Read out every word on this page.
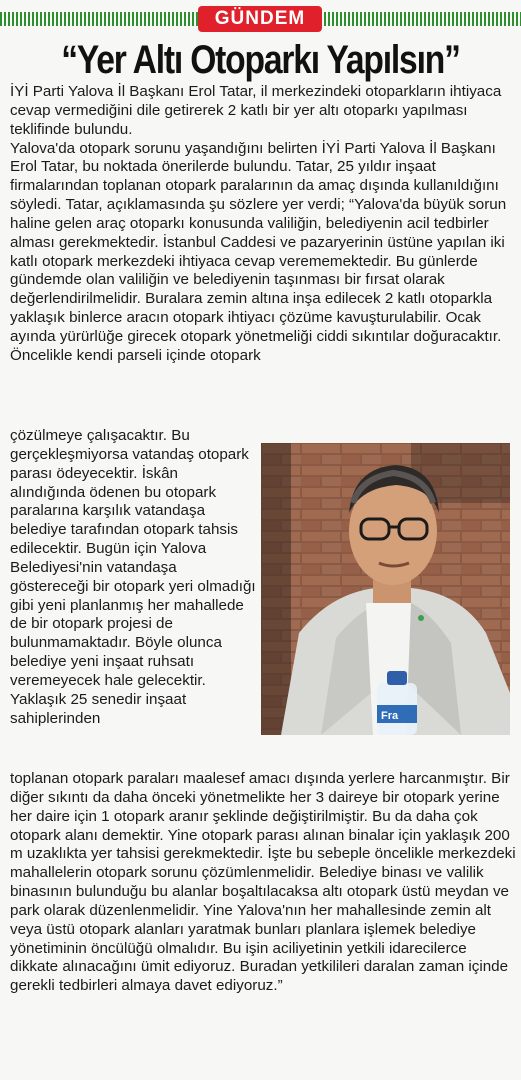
GÜNDEM
“Yer Altı Otoparkı Yapılsın”

İYİ Parti Yalova İl Başkanı Erol Tatar, il merkezindeki otoparkların ihtiyaca cevap vermediğini dile getirerek 2 katlı bir yer altı otoparkı yapılması teklifinde bulundu.

Yalova'da otopark sorunu yaşandığını belirten İYİ Parti Yalova İl Başkanı Erol Tatar, bu noktada önerilerde bulundu. Tatar, 25 yıldır inşaat firmalarından toplanan otopark paralarının da amaç dışında kullanıldığını söyledi. Tatar, açıklamasında şu sözlere yer verdi; “Yalova'da büyük sorun haline gelen araç otoparkı konusunda valiliğin, belediyenin acil tedbirler alması gerekmektedir. İstanbul Caddesi ve pazaryerinin üstüne yapılan iki katlı otopark merkezdeki ihtiyaca cevap verememektedir. Bu günlerde gündemde olan valiliğin ve belediyenin taşınması bir fırsat olarak değerlendirilmelidir. Buralara zemin altına inşa edilecek 2 katlı otoparkla yaklaşık binlerce aracın otopark ihtiyacı çözüme kavuşturulabilir. Ocak ayında yürürlüğe girecek otopark yönetmeliği ciddi sıkıntılar doğuracaktır. Öncelikle kendi parseli içinde otopark

çözülmeye çalışacaktır. Bu gerçekleşmiyorsa vatandaş otopark parası ödeyecektir. İskân alındığında ödenen bu otopark paralarına karşılık vatandaşa belediye tarafından otopark tahsis edilecektir. Bugün için Yalova Belediyesi'nin vatandaşa göstereceği bir otopark yeri olmadığı gibi yeni planlanmış her mahallede de bir otopark projesi de bulunmamaktadır. Böyle olunca belediye yeni inşaat ruhsatı veremeyecek hale gelecektir. Yaklaşık 25 senedir inşaat sahiplerinden	Fra

toplanan otopark paraları maalesef amacı dışında yerlere harcanmıştır. Bir diğer sıkıntı da daha önceki yönetmelikte her 3 daireye bir otopark yerine her daire için 1 otopark aranır şeklinde değiştirilmiştir. Bu da daha çok otopark alanı demektir. Yine otopark parası alınan binalar için yaklaşık 200 m uzaklıkta yer tahsisi gerekmektedir. İşte bu sebeple öncelikle merkezdeki mahallelerin otopark sorunu çözümlenmelidir. Belediye binası ve valilik binasının bulunduğu bu alanlar boşaltılacaksa altı otopark üstü meydan ve park olarak düzenlenmelidir. Yine Yalova'nın her mahallesinde zemin alt veya üstü otopark alanları yaratmak bunları planlara işlemek belediye yönetiminin öncülüğü olmalıdır. Bu işin aciliyetinin yetkili idarecilerce dikkate alınacağını ümit ediyoruz. Buradan yetkilileri daralan zaman içinde gerekli tedbirleri almaya davet ediyoruz.”
